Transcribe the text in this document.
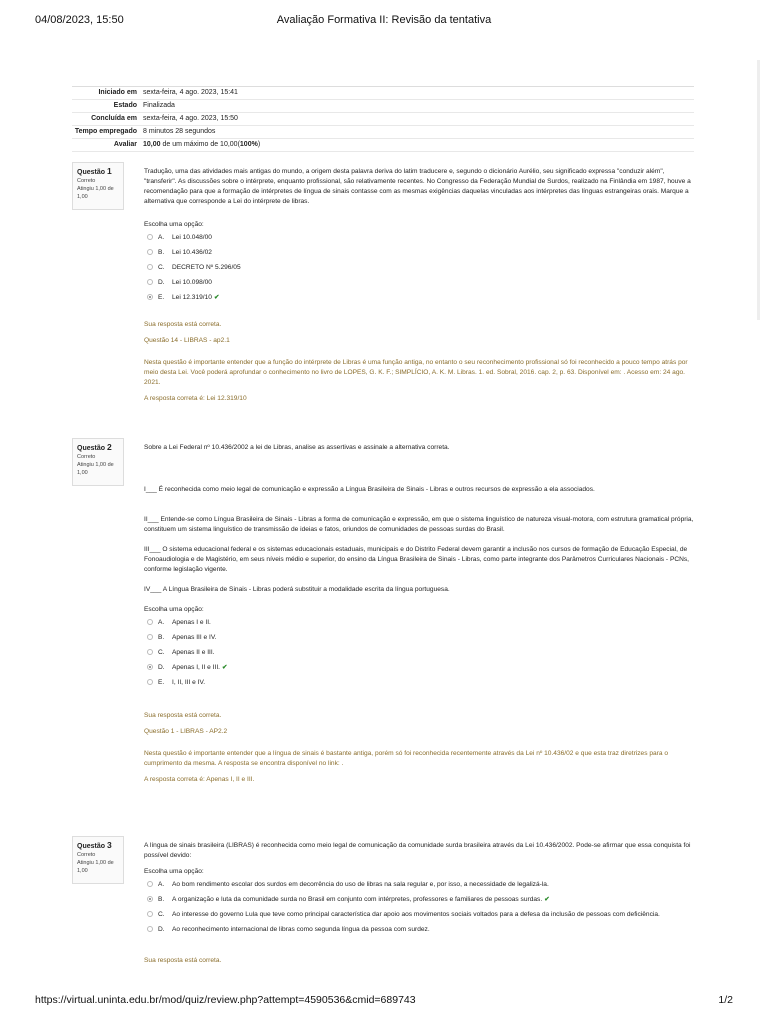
04/08/2023, 15:50	Avaliação Formativa II: Revisão da tentativa
Iniciado em sexta-feira, 4 ago. 2023, 15:41
Estado Finalizada
Concluída em sexta-feira, 4 ago. 2023, 15:50
Tempo empregado 8 minutos 28 segundos
Avaliar 10,00 de um máximo de 10,00(100%)
Questão 1
Correto
Atingiu 1,00 de 1,00

Tradução, uma das atividades mais antigas do mundo, a origem desta palavra deriva do latim traducere e, segundo o dicionário Aurélio, seu significado expressa "conduzir além", "transferir". As discussões sobre o intérprete, enquanto profissional, são relativamente recentes. No Congresso da Federação Mundial de Surdos, realizado na Finlândia em 1987, houve a recomendação para que a formação de intérpretes de língua de sinais contasse com as mesmas exigências daquelas vinculadas aos intérpretes das línguas estrangeiras orais. Marque a alternativa que corresponde a Lei do intérprete de libras.

Escolha uma opção:
A.	Lei 10.048/00
B.	Lei 10.436/02
C.	DECRETO Nº 5.296/05
D.	Lei 10.098/00
E.	Lei 12.319/10 ✔
Sua resposta está correta.
Questão 14 - LIBRAS - ap2.1
Nesta questão é importante entender que a função do intérprete de Libras é uma função antiga, no entanto o seu reconhecimento profissional só foi reconhecido a pouco tempo atrás por meio desta Lei. Você poderá aprofundar o conhecimento no livro de LOPES, G. K. F.; SIMPLÍCIO, A. K. M. Libras. 1. ed. Sobral, 2016. cap. 2, p. 63. Disponível em: . Acesso em: 24 ago. 2021.
A resposta correta é: Lei 12.319/10
Questão 2
Correto
Atingiu 1,00 de 1,00

Sobre a Lei Federal nº 10.436/2002 a lei de Libras, analise as assertivas e assinale a alternativa correta.

I___ É reconhecida como meio legal de comunicação e expressão a Língua Brasileira de Sinais - Libras e outros recursos de expressão a ela associados.

II___ Entende-se como Língua Brasileira de Sinais - Libras a forma de comunicação e expressão, em que o sistema linguístico de natureza visual-motora, com estrutura gramatical própria, constituem um sistema linguístico de transmissão de ideias e fatos, oriundos de comunidades de pessoas surdas do Brasil.

III___ O sistema educacional federal e os sistemas educacionais estaduais, municipais e do Distrito Federal devem garantir a inclusão nos cursos de formação de Educação Especial, de Fonoaudiologia e de Magistério, em seus níveis médio e superior, do ensino da Língua Brasileira de Sinais - Libras, como parte integrante dos Parâmetros Curriculares Nacionais - PCNs, conforme legislação vigente.

IV___ A Língua Brasileira de Sinais - Libras poderá substituir a modalidade escrita da língua portuguesa.

Escolha uma opção:
A.	Apenas I e II.
B.	Apenas III e IV.
C.	Apenas II e III.
D.	Apenas I, II e III. ✔
E.	I, II, III e IV.
Sua resposta está correta.
Questão 1 - LIBRAS - AP2.2
Nesta questão é importante entender que a língua de sinais é bastante antiga, porém só foi reconhecida recentemente através da Lei nº 10.436/02 e que esta traz diretrizes para o cumprimento da mesma. A resposta se encontra disponível no link: .
A resposta correta é: Apenas I, II e III.
Questão 3
Correto
Atingiu 1,00 de 1,00

A língua de sinais brasileira (LIBRAS) é reconhecida como meio legal de comunicação da comunidade surda brasileira através da Lei 10.436/2002. Pode-se afirmar que essa conquista foi possível devido:

Escolha uma opção:
A.	Ao bom rendimento escolar dos surdos em decorrência do uso de libras na sala regular e, por isso, a necessidade de legalizá-la.
B.	A organização e luta da comunidade surda no Brasil em conjunto com intérpretes, professores e familiares de pessoas surdas. ✔
C.	Ao interesse do governo Lula que teve como principal característica dar apoio aos movimentos sociais voltados para a defesa da inclusão de pessoas com deficiência.
D.	Ao reconhecimento internacional de libras como segunda língua da pessoa com surdez.
Sua resposta está correta.
https://virtual.uninta.edu.br/mod/quiz/review.php?attempt=4590536&cmid=689743	1/2
